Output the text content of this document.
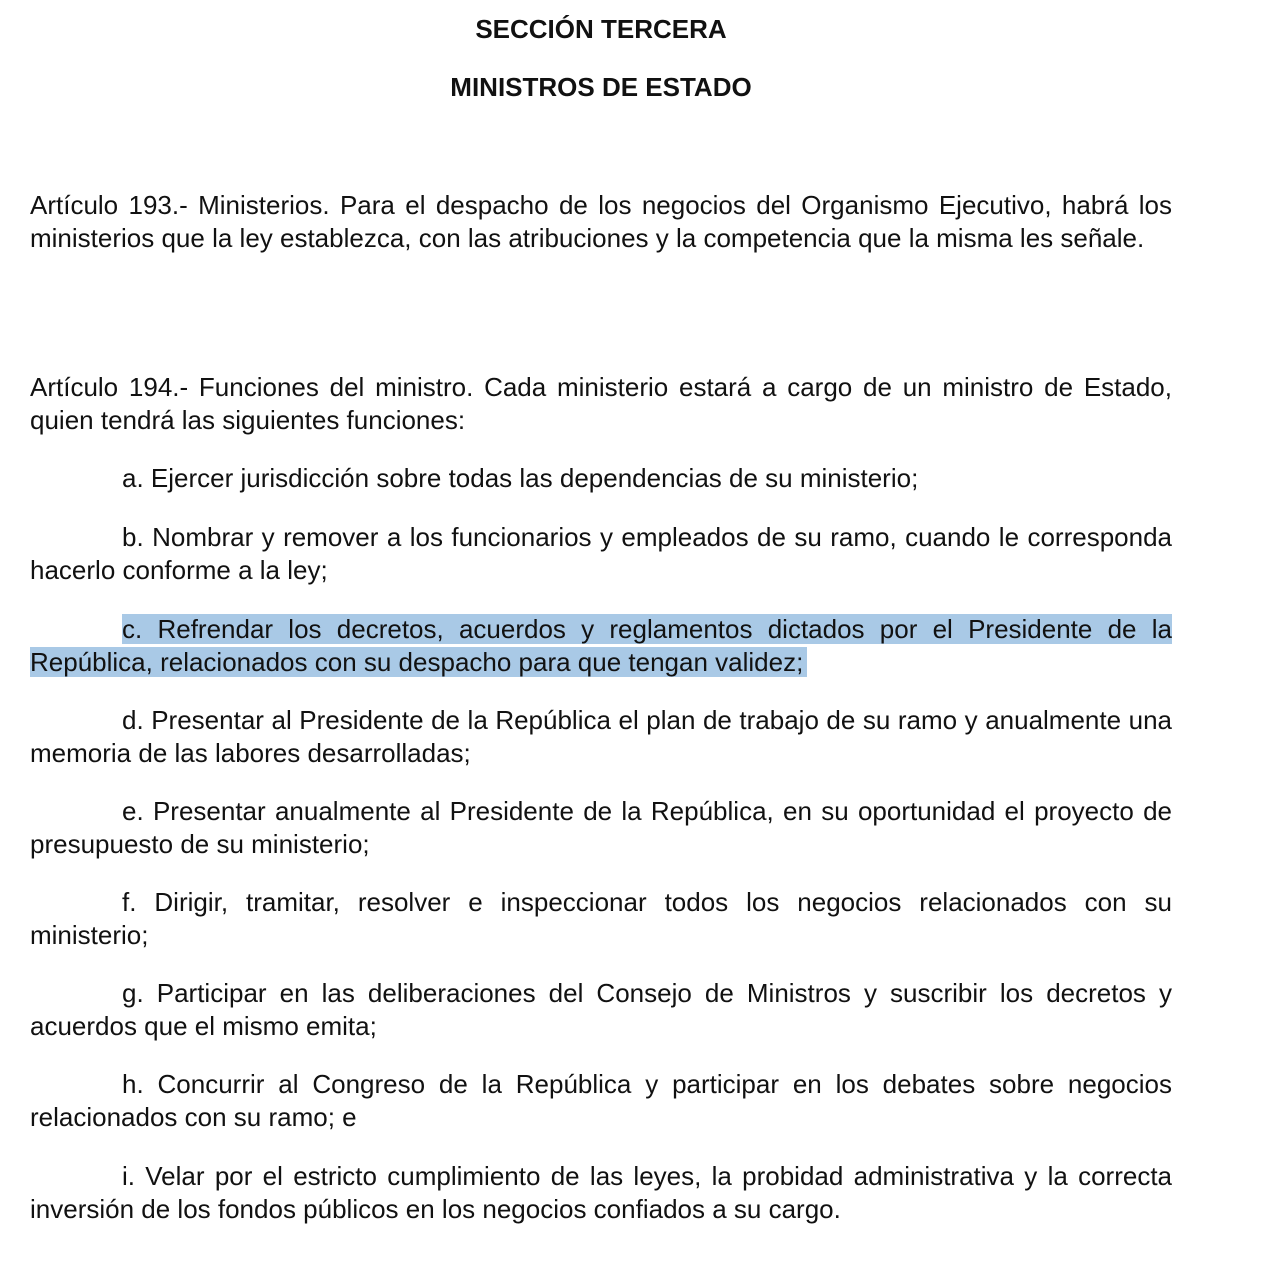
SECCIÓN TERCERA

MINISTROS DE ESTADO

Artículo 193.- Ministerios. Para el despacho de los negocios del Organismo Ejecutivo, habrá los ministerios que la ley establezca, con las atribuciones y la competencia que la misma les señale.

Artículo 194.- Funciones del ministro. Cada ministerio estará a cargo de un ministro de Estado, quien tendrá las siguientes funciones:

a. Ejercer jurisdicción sobre todas las dependencias de su ministerio;

b. Nombrar y remover a los funcionarios y empleados de su ramo, cuando le corresponda hacerlo conforme a la ley;

c. Refrendar los decretos, acuerdos y reglamentos dictados por el Presidente de la República, relacionados con su despacho para que tengan validez;

d. Presentar al Presidente de la República el plan de trabajo de su ramo y anualmente una memoria de las labores desarrolladas;

e. Presentar anualmente al Presidente de la República, en su oportunidad el proyecto de presupuesto de su ministerio;

f. Dirigir, tramitar, resolver e inspeccionar todos los negocios relacionados con su ministerio;

g. Participar en las deliberaciones del Consejo de Ministros y suscribir los decretos y acuerdos que el mismo emita;

h. Concurrir al Congreso de la República y participar en los debates sobre negocios relacionados con su ramo; e

i. Velar por el estricto cumplimiento de las leyes, la probidad administrativa y la correcta inversión de los fondos públicos en los negocios confiados a su cargo.
